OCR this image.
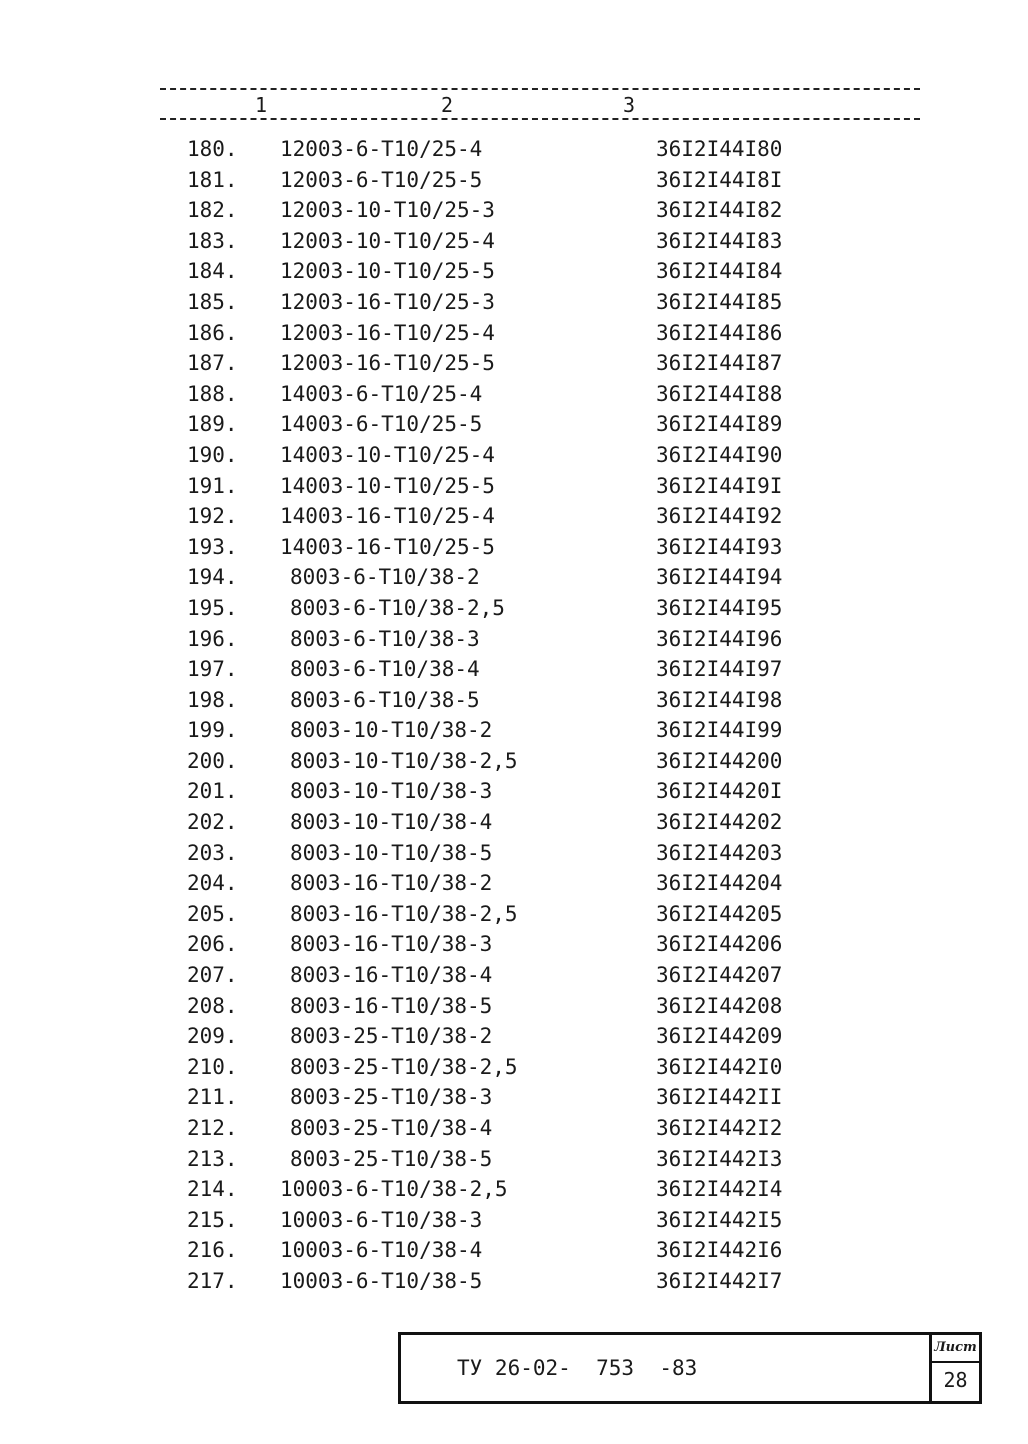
1	2	3
180. 12003-6-T10/25-4	36I2I44I80
181. 12003-6-T10/25-5	36I2I44I8I
182. 12003-10-T10/25-3	36I2I44I82
183. 12003-10-T10/25-4	36I2I44I83
184. 12003-10-T10/25-5	36I2I44I84
185. 12003-16-T10/25-3	36I2I44I85
186. 12003-16-T10/25-4	36I2I44I86
187. 12003-16-T10/25-5	36I2I44I87
188. 14003-6-T10/25-4	36I2I44I88
189. 14003-6-T10/25-5	36I2I44I89
190. 14003-10-T10/25-4	36I2I44I90
191. 14003-10-T10/25-5	36I2I44I9I
192. 14003-16-T10/25-4	36I2I44I92
193. 14003-16-T10/25-5	36I2I44I93
194. 8003-6-T10/38-2	36I2I44I94
195. 8003-6-T10/38-2,5	36I2I44I95
196. 8003-6-T10/38-3	36I2I44I96
197. 8003-6-T10/38-4	36I2I44I97
198. 8003-6-T10/38-5	36I2I44I98
199. 8003-10-T10/38-2	36I2I44I99
200. 8003-10-T10/38-2,5	36I2I44200
201. 8003-10-T10/38-3	36I2I4420I
202. 8003-10-T10/38-4	36I2I44202
203. 8003-10-T10/38-5	36I2I44203
204. 8003-16-T10/38-2	36I2I44204
205. 8003-16-T10/38-2,5	36I2I44205
206. 8003-16-T10/38-3	36I2I44206
207. 8003-16-T10/38-4	36I2I44207
208. 8003-16-T10/38-5	36I2I44208
209. 8003-25-T10/38-2	36I2I44209
210. 8003-25-T10/38-2,5	36I2I442I0
211. 8003-25-T10/38-3	36I2I442II
212. 8003-25-T10/38-4	36I2I442I2
213. 8003-25-T10/38-5	36I2I442I3
214. 10003-6-T10/38-2,5	36I2I442I4
215. 10003-6-T10/38-3	36I2I442I5
216. 10003-6-T10/38-4	36I2I442I6
217. 10003-6-T10/38-5	36I2I442I7
ТУ 26-02- 753 -83
Лист
28
